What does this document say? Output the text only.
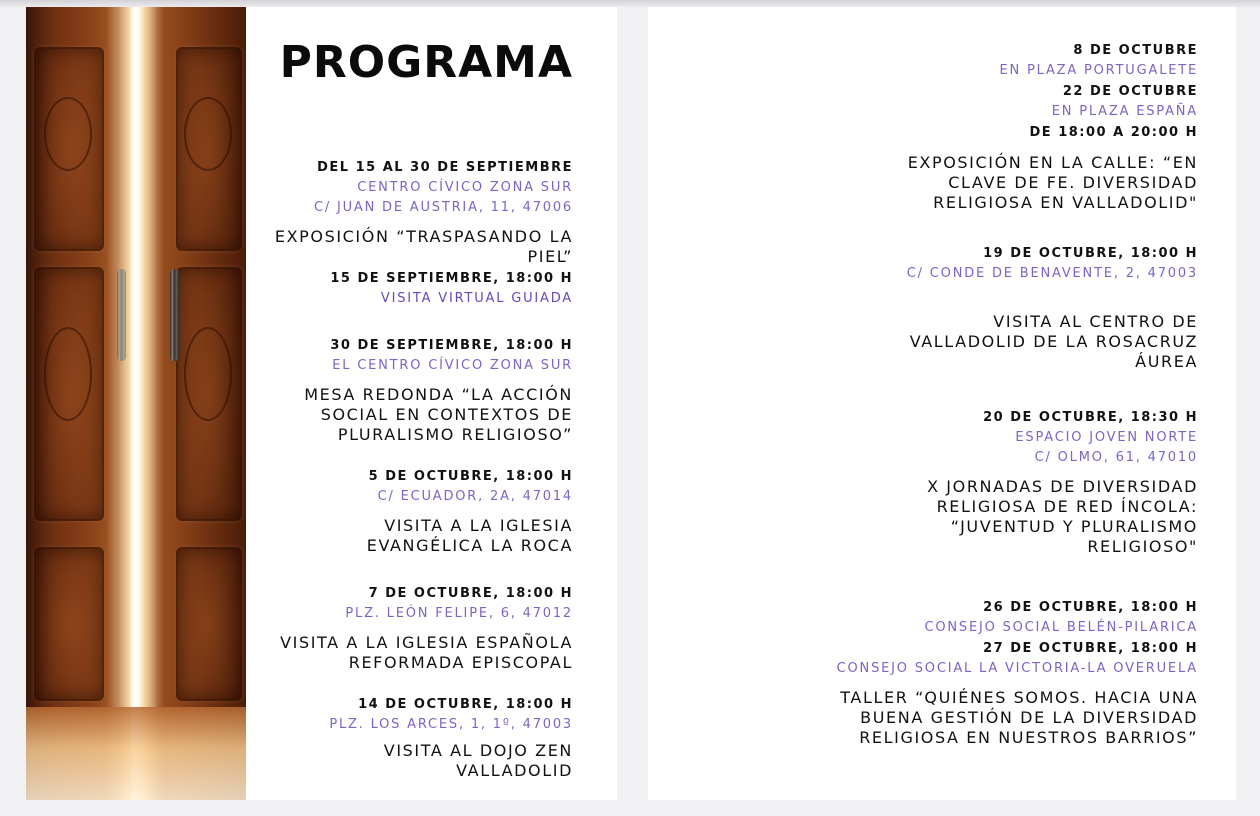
PROGRAMA
DEL 15 AL 30 DE SEPTIEMBRE
CENTRO CÍVICO ZONA SUR
C/ JUAN DE AUSTRIA, 11, 47006
EXPOSICIÓN “TRASPASANDO LA PIEL”
15 DE SEPTIEMBRE, 18:00 H
VISITA VIRTUAL GUIADA
30 DE SEPTIEMBRE, 18:00 H
EL CENTRO CÍVICO ZONA SUR
MESA REDONDA “LA ACCIÓN SOCIAL EN CONTEXTOS DE PLURALISMO RELIGIOSO”
5 DE OCTUBRE, 18:00 H
C/ ECUADOR, 2A, 47014
VISITA A LA IGLESIA EVANGÉLICA LA ROCA
7 DE OCTUBRE, 18:00 H
PLZ. LEÓN FELIPE, 6, 47012
VISITA A LA IGLESIA ESPAÑOLA REFORMADA EPISCOPAL
14 DE OCTUBRE, 18:00 H
PLZ. LOS ARCES, 1, 1º, 47003
VISITA AL DOJO ZEN VALLADOLID
8 DE OCTUBRE
EN PLAZA PORTUGALETE
22 DE OCTUBRE
EN PLAZA ESPAÑA
DE 18:00 A 20:00 H
EXPOSICIÓN EN LA CALLE: “EN CLAVE DE FE. DIVERSIDAD RELIGIOSA EN VALLADOLID"
19 DE OCTUBRE, 18:00 H
C/ CONDE DE BENAVENTE, 2, 47003
VISITA AL CENTRO DE VALLADOLID DE LA ROSACRUZ ÁUREA
20 DE OCTUBRE, 18:30 H
ESPACIO JOVEN NORTE
C/ OLMO, 61, 47010
X JORNADAS DE DIVERSIDAD RELIGIOSA DE RED ÍNCOLA: “JUVENTUD Y PLURALISMO RELIGIOSO"
26 DE OCTUBRE, 18:00 H
CONSEJO SOCIAL BELÉN-PILARICA
27 DE OCTUBRE, 18:00 H
CONSEJO SOCIAL LA VICTORIA-LA OVERUELA
TALLER “QUIÉNES SOMOS. HACIA UNA BUENA GESTIÓN DE LA DIVERSIDAD RELIGIOSA EN NUESTROS BARRIOS”
